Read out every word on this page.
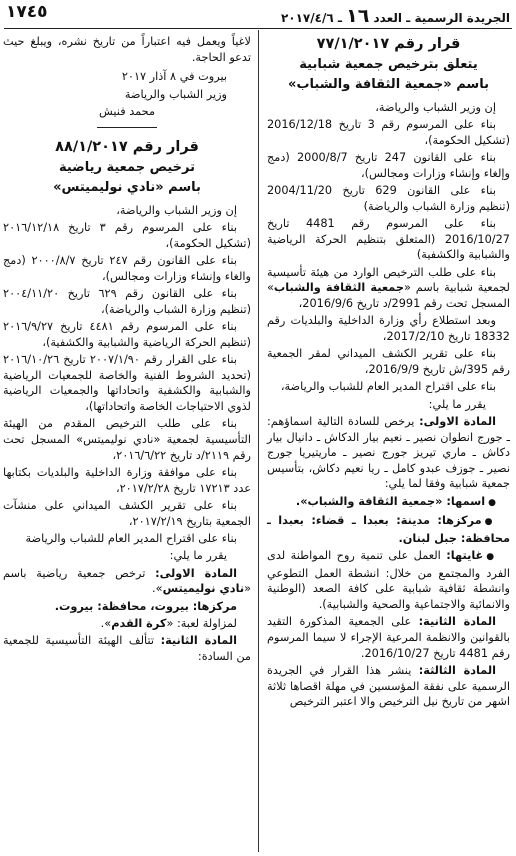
الجريدة الرسمية ـ العدد ١٦ ـ ٢٠١٧/٤/٦
١٧٤٥

قرار رقم ٧٧/١/٢٠١٧

يتعلق بترخيص جمعية شبابية

باسم «جمعية الثقافة والشباب»

إن وزير الشباب والرياضة،

بناء على المرسوم رقم 3 تاريخ 2016/12/18 (تشكيل الحكومة)،

بناء على القانون 247 تاريخ 2000/8/7 (دمج وإلغاء وإنشاء وزارات ومجالس)،

بناء على القانون 629 تاريخ 2004/11/20 (تنظيم وزارة الشباب والرياضة)

بناء على المرسوم رقم 4481 تاريخ 2016/10/27 (المتعلق بتنظيم الحركة الرياضية والشبابية والكشفية)

بناء على طلب الترخيص الوارد من هيئة تأسيسية لجمعية شبابية باسم «جمعية الثقافة والشباب» المسجل تحت رقم 2991/د تاريخ 2016/9/6،

وبعد استطلاع رأي وزارة الداخلية والبلديات رقم 18332 تاريخ 2017/2/10،

بناء على تقرير الكشف الميداني لمقر الجمعية رقم 395/ش تاريخ 2016/9/9،

بناء على اقتراح المدير العام للشباب والرياضة،

يقرر ما يلي:

المادة الاولى: يرخص للسادة التالية اسماؤهم: ـ جورج انطوان نصير ـ نعيم بيار الدكاش ـ دانيال بيار دكاش ـ ماري تيريز جورج نصير ـ ماريتيريا جورج نصير ـ جوزف عبدو كامل ـ ريا نعيم دكاش، بتأسيس جمعية شبابية وفقا لما يلي:

● اسمها: «جمعية الثقافة والشباب».

● مركزها: مدينة: بعبدا ـ قضاء: بعبدا ـ محافظة: جبل لبنان.

● غايتها: العمل على تنمية روح المواطنة لدى الفرد والمجتمع من خلال: انشطة العمل التطوعي وانشطة ثقافية شبابية على كافة الصعد (الوطنية والانمائية والاجتماعية والصحية والشبابية).

المادة الثانية: على الجمعية المذكورة التقيد بالقوانين والانظمة المرعية الإجراء لا سيما المرسوم رقم 4481 تاريخ 2016/10/27.

المادة الثالثة: ينشر هذا القرار في الجريدة الرسمية على نفقة المؤسسين في مهلة اقصاها ثلاثة اشهر من تاريخ نيل الترخيص والا اعتبر الترخيص

لاغياً ويعمل فيه اعتباراً من تاريخ نشره، ويبلغ حيث تدعو الحاجة.

بيروت في ٨ آذار ٢٠١٧

وزير الشباب والرياضة

محمد فنيش

قرار رقم ٨٨/١/٢٠١٧

ترخيص جمعية رياضية

باسم «نادي نوليميتس»

إن وزير الشباب والرياضة،

بناء على المرسوم رقم ٣ تاريخ ٢٠١٦/١٢/١٨ (تشكيل الحكومة)،

بناء على القانون رقم ٢٤٧ تاريخ ٢٠٠٠/٨/٧ (دمج والغاء وإنشاء وزارات ومجالس)،

بناء على القانون رقم ٦٢٩ تاريخ ٢٠٠٤/١١/٢٠ (تنظيم وزارة الشباب والرياضة)،

بناء على المرسوم رقم ٤٤٨١ تاريخ ٢٠١٦/٩/٢٧ (تنظيم الحركة الرياضية والشبابية والكشفية)،

بناء على القرار رقم ٢٠٠٧/١/٩٠ تاريخ ٢٠١٦/١٠/٢٦ (تحديد الشروط الفنية والخاصة للجمعيات الرياضية والشبابية والكشفية واتحاداتها والجمعيات الرياضية لذوي الاحتياجات الخاصة واتحاداتها)،

بناء على طلب الترخيص المقدم من الهيئة التأسيسية لجمعية «نادي نوليميتس» المسجل تحت رقم ٢١١٩/د تاريخ ٢٠١٦/٦/٢٢،

بناء على موافقة وزارة الداخلية والبلديات بكتابها عدد ١٧٢١٣ تاريخ ٢٠١٧/٢/٢٨،

بناء على تقرير الكشف الميداني على منشآت الجمعية بتاريخ ٢٠١٧/٢/١٩،

بناء على اقتراح المدير العام للشباب والرياضة

يقرر ما يلي:

المادة الاولى: ترخص جمعية رياضية باسم «نادي نوليميتس».

مركزها: بيروت، محافظة: بيروت.

لمزاولة لعبة: «كرة القدم».

المادة الثانية: تتألف الهيئة التأسيسية للجمعية من السادة:
